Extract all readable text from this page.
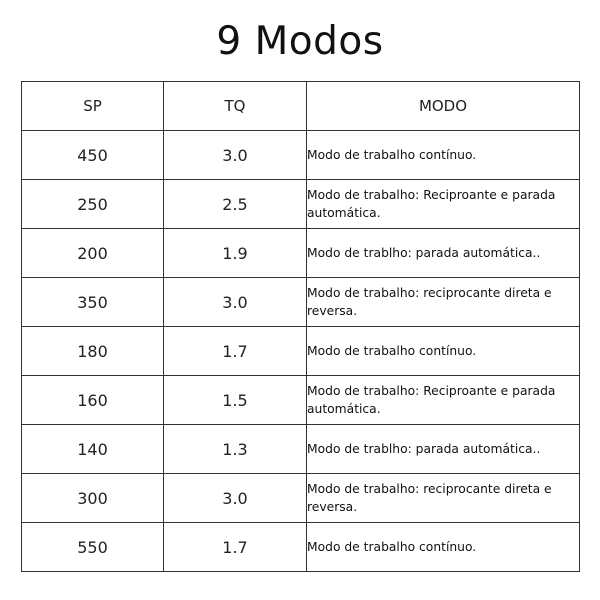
9 Modos
SP	TQ	MODO
450	3.0	Modo de trabalho contínuo.
250	2.5	Modo de trabalho: Reciproante e parada automática.
200	1.9	Modo de trablho: parada automática..
350	3.0	Modo de trabalho: reciprocante direta e reversa.
180	1.7	Modo de trabalho contínuo.
160	1.5	Modo de trabalho: Reciproante e parada automática.
140	1.3	Modo de trablho: parada automática..
300	3.0	Modo de trabalho: reciprocante direta e reversa.
550	1.7	Modo de trabalho contínuo.
